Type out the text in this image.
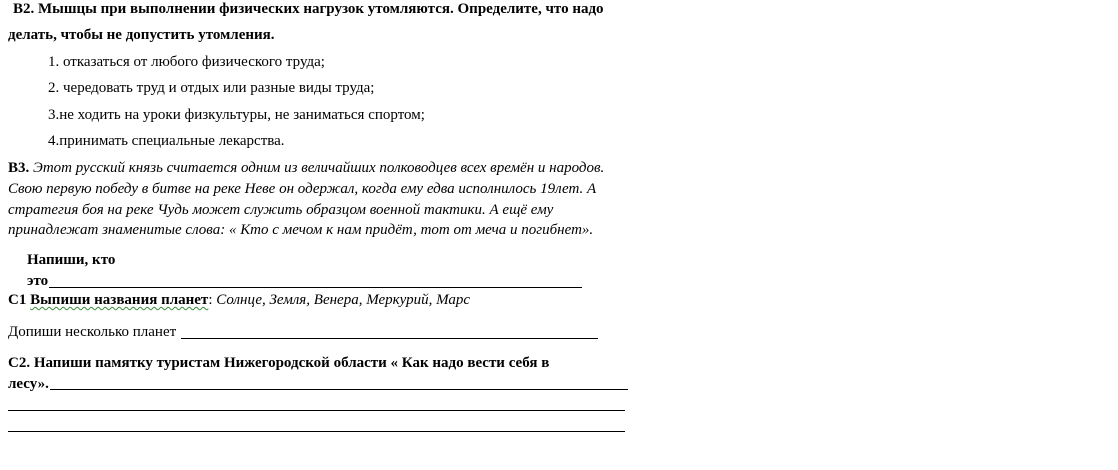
B2. Мышцы при выполнении физических нагрузок утомляются. Определите, что надо
делать, чтобы не допустить утомления.
1. отказаться от любого физического труда;
2. чередовать труд и отдых или разные виды труда;
3.не ходить на уроки физкультуры, не заниматься спортом;
4.принимать специальные лекарства.
В3. Этот русский князь считается одним из величайших полководцев всех времён и народов.
Свою первую победу в битве на реке Неве он одержал, когда ему едва исполнилось 19лет. А
стратегия боя на реке Чудь может служить образцом военной тактики. А ещё ему
принадлежат знаменитые слова: « Кто с мечом к нам придёт, тот от меча и погибнет».
Напиши, кто
это
С1 Выпиши названия планет: Солнце, Земля, Венера, Меркурий, Марс
Допиши несколько планет
С2. Напиши памятку туристам Нижегородской области « Как надо вести себя в
лесу».
